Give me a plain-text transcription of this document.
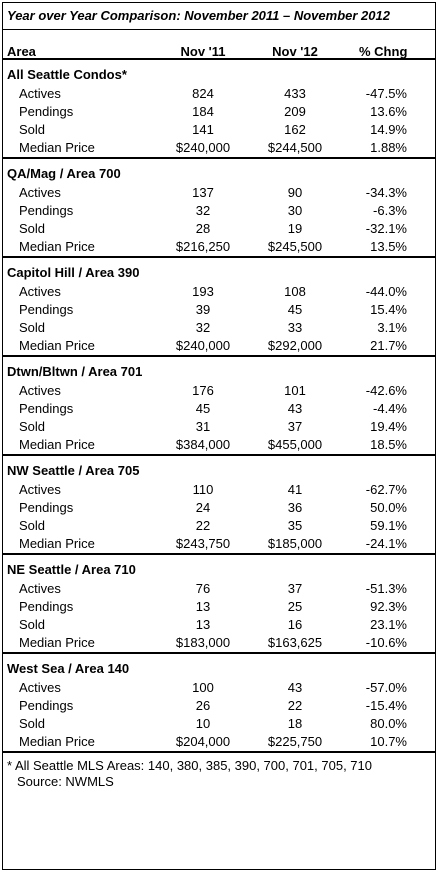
Year over Year Comparison: November 2011 – November 2012
Area	Nov '11	Nov '12	% Chng
All Seattle Condos*
Actives	824	433	-47.5%
Pendings	184	209	13.6%
Sold	141	162	14.9%
Median Price	$240,000	$244,500	1.88%
QA/Mag / Area 700
Actives	137	90	-34.3%
Pendings	32	30	-6.3%
Sold	28	19	-32.1%
Median Price	$216,250	$245,500	13.5%
Capitol Hill / Area 390
Actives	193	108	-44.0%
Pendings	39	45	15.4%
Sold	32	33	3.1%
Median Price	$240,000	$292,000	21.7%
Dtwn/Bltwn / Area 701
Actives	176	101	-42.6%
Pendings	45	43	-4.4%
Sold	31	37	19.4%
Median Price	$384,000	$455,000	18.5%
NW Seattle / Area 705
Actives	110	41	-62.7%
Pendings	24	36	50.0%
Sold	22	35	59.1%
Median Price	$243,750	$185,000	-24.1%
NE Seattle / Area 710
Actives	76	37	-51.3%
Pendings	13	25	92.3%
Sold	13	16	23.1%
Median Price	$183,000	$163,625	-10.6%
West Sea / Area 140
Actives	100	43	-57.0%
Pendings	26	22	-15.4%
Sold	10	18	80.0%
Median Price	$204,000	$225,750	10.7%
* All Seattle MLS Areas: 140, 380, 385, 390, 700, 701, 705, 710
Source: NWMLS
